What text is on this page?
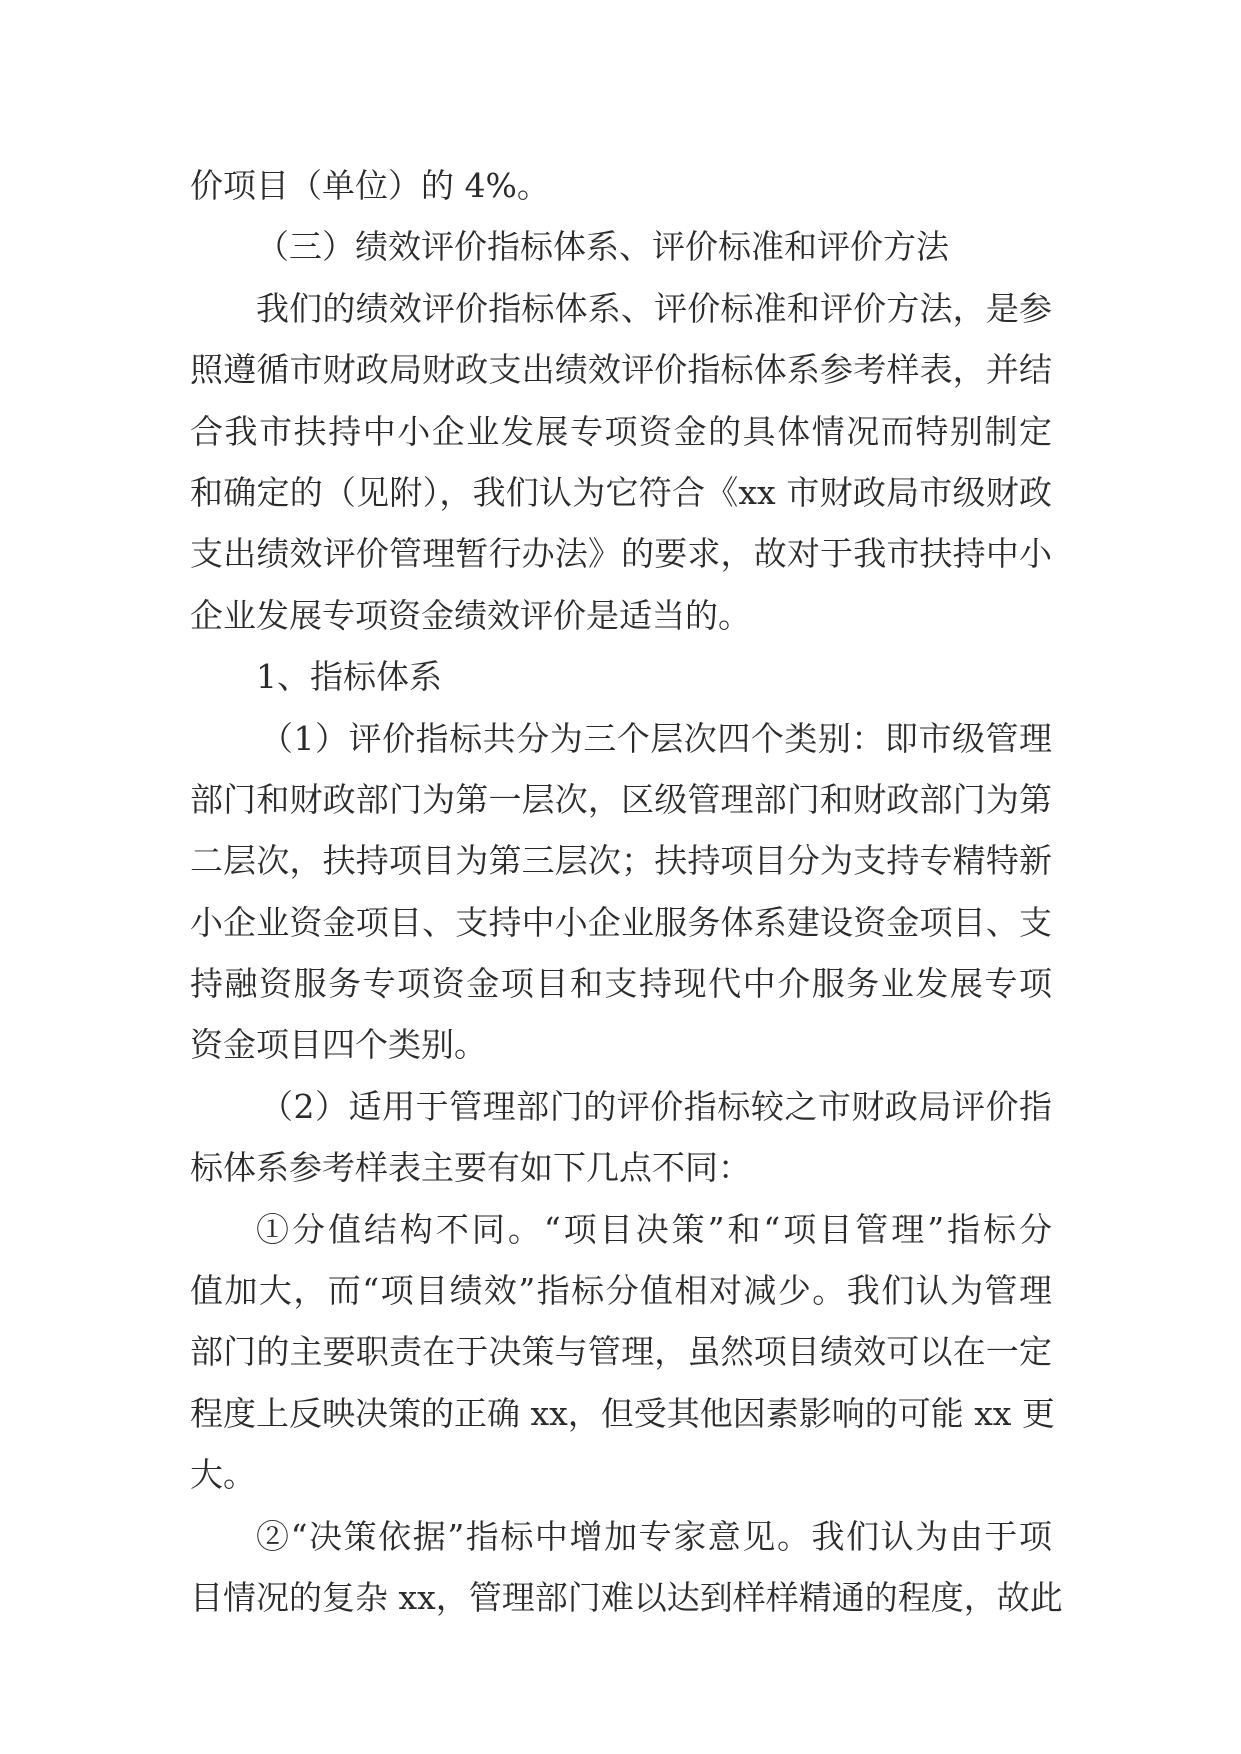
价项目（单位）的 4%。
（三）绩效评价指标体系、评价标准和评价方法
我们的绩效评价指标体系、评价标准和评价方法，是参
照遵循市财政局财政支出绩效评价指标体系参考样表，并结
合我市扶持中小企业发展专项资金的具体情况而特别制定
和确定的（见附），我们认为它符合《xx 市财政局市级财政
支出绩效评价管理暂行办法》的要求，故对于我市扶持中小
企业发展专项资金绩效评价是适当的。
1、指标体系
（1）评价指标共分为三个层次四个类别：即市级管理
部门和财政部门为第一层次，区级管理部门和财政部门为第
二层次，扶持项目为第三层次；扶持项目分为支持专精特新
小企业资金项目、支持中小企业服务体系建设资金项目、支
持融资服务专项资金项目和支持现代中介服务业发展专项
资金项目四个类别。
（2）适用于管理部门的评价指标较之市财政局评价指
标体系参考样表主要有如下几点不同：
①分值结构不同。“项目决策”和“项目管理”指标分
值加大，而“项目绩效”指标分值相对减少。我们认为管理
部门的主要职责在于决策与管理，虽然项目绩效可以在一定
程度上反映决策的正确 xx，但受其他因素影响的可能 xx 更
大。
②“决策依据”指标中增加专家意见。我们认为由于项
目情况的复杂 xx，管理部门难以达到样样精通的程度，故此
